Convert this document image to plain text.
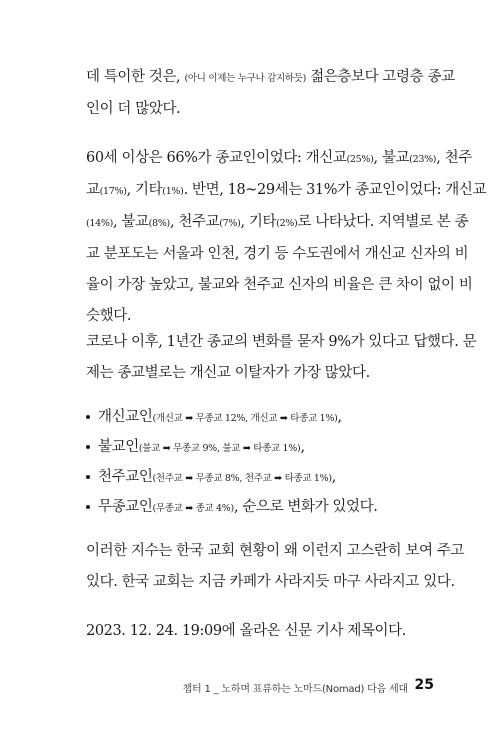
데 특이한 것은, (아니 이제는 누구나 감지하듯) 젊은층보다 고령층 종교
인이 더 많았다.

60세 이상은 66%가 종교인이었다: 개신교(25%), 불교(23%), 천주
교(17%), 기타(1%). 반면, 18~29세는 31%가 종교인이었다: 개신교
(14%), 불교(8%), 천주교(7%), 기타(2%)로 나타났다. 지역별로 본 종
교 분포도는 서울과 인천, 경기 등 수도권에서 개신교 신자의 비
율이 가장 높았고, 불교와 천주교 신자의 비율은 큰 차이 없이 비
슷했다.

코로나 이후, 1년간 종교의 변화를 묻자 9%가 있다고 답했다. 문
제는 종교별로는 개신교 이탈자가 가장 많았다.

개신교인(개신교 ➡ 무종교 12%, 개신교 ➡ 타종교 1%),
불교인(불교 ➡ 무종교 9%, 불교 ➡ 타종교 1%),
천주교인(천주교 ➡ 무종교 8%, 천주교 ➡ 타종교 1%),
무종교인(무종교 ➡ 종교 4%), 순으로 변화가 있었다.

이러한 지수는 한국 교회 현황이 왜 이런지 고스란히 보여 주고
있다. 한국 교회는 지금 카페가 사라지듯 마구 사라지고 있다.

2023. 12. 24. 19:09에 올라온 신문 기사 제목이다.

챕터 1 _ 노하며 표류하는 노마드(Nomad) 다음 세대 25
